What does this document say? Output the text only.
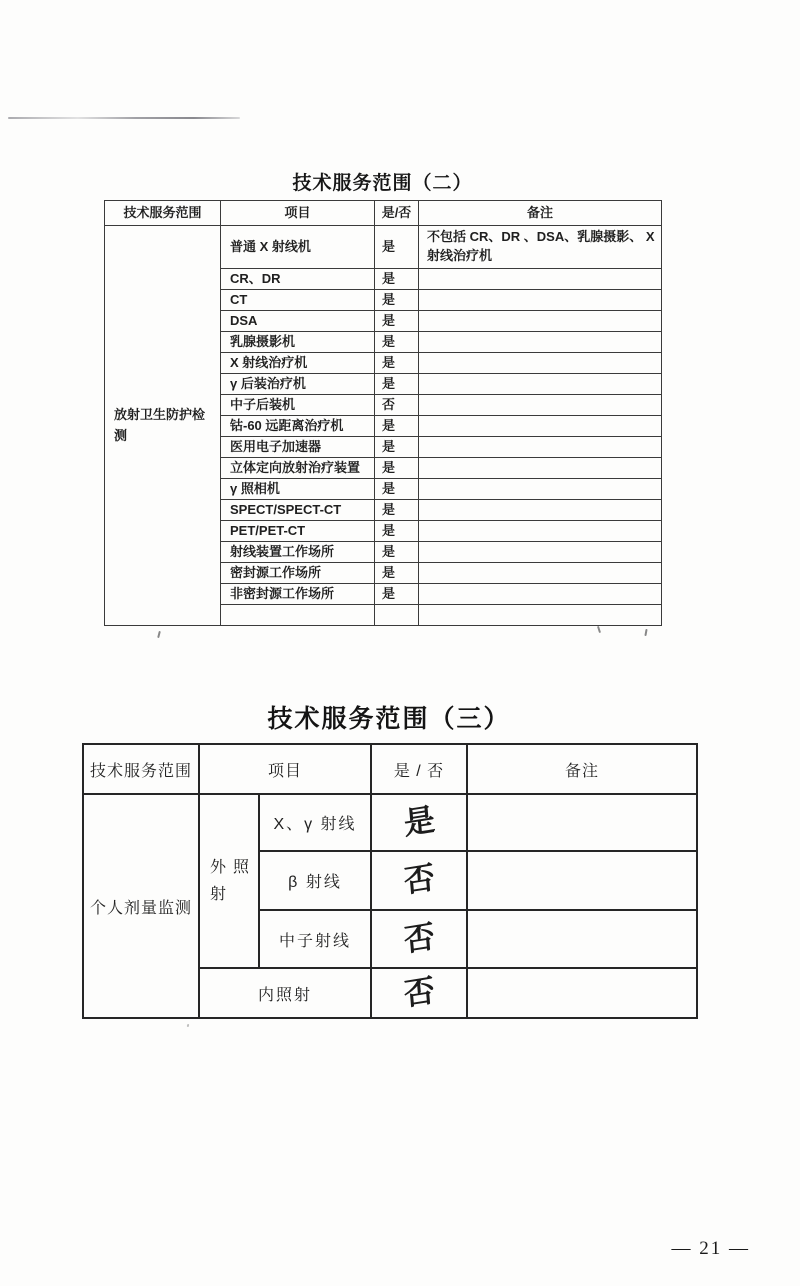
技术服务范围（二）
技术服务范围	项目	是/否	备注
放射卫生防护检测	普通 X 射线机	是	不包括 CR、DR 、DSA、乳腺摄影、 X 射线治疗机
	CR、DR	是	
	CT	是	
	DSA	是	
	乳腺摄影机	是	
	X 射线治疗机	是	
	γ 后装治疗机	是	
	中子后装机	否	
	钴-60 远距离治疗机	是	
	医用电子加速器	是	
	立体定向放射治疗装置	是	
	γ 照相机	是	
	SPECT/SPECT-CT	是	
	PET/PET-CT	是	
	射线装置工作场所	是	
	密封源工作场所	是	
	非密封源工作场所	是	

技术服务范围（三）
技术服务范围	项目		是 / 否	备注
个人剂量监测	外照射	X、γ 射线	是	
		β 射线	否	
		中子射线	否	
	内照射		否	
— 21 —
